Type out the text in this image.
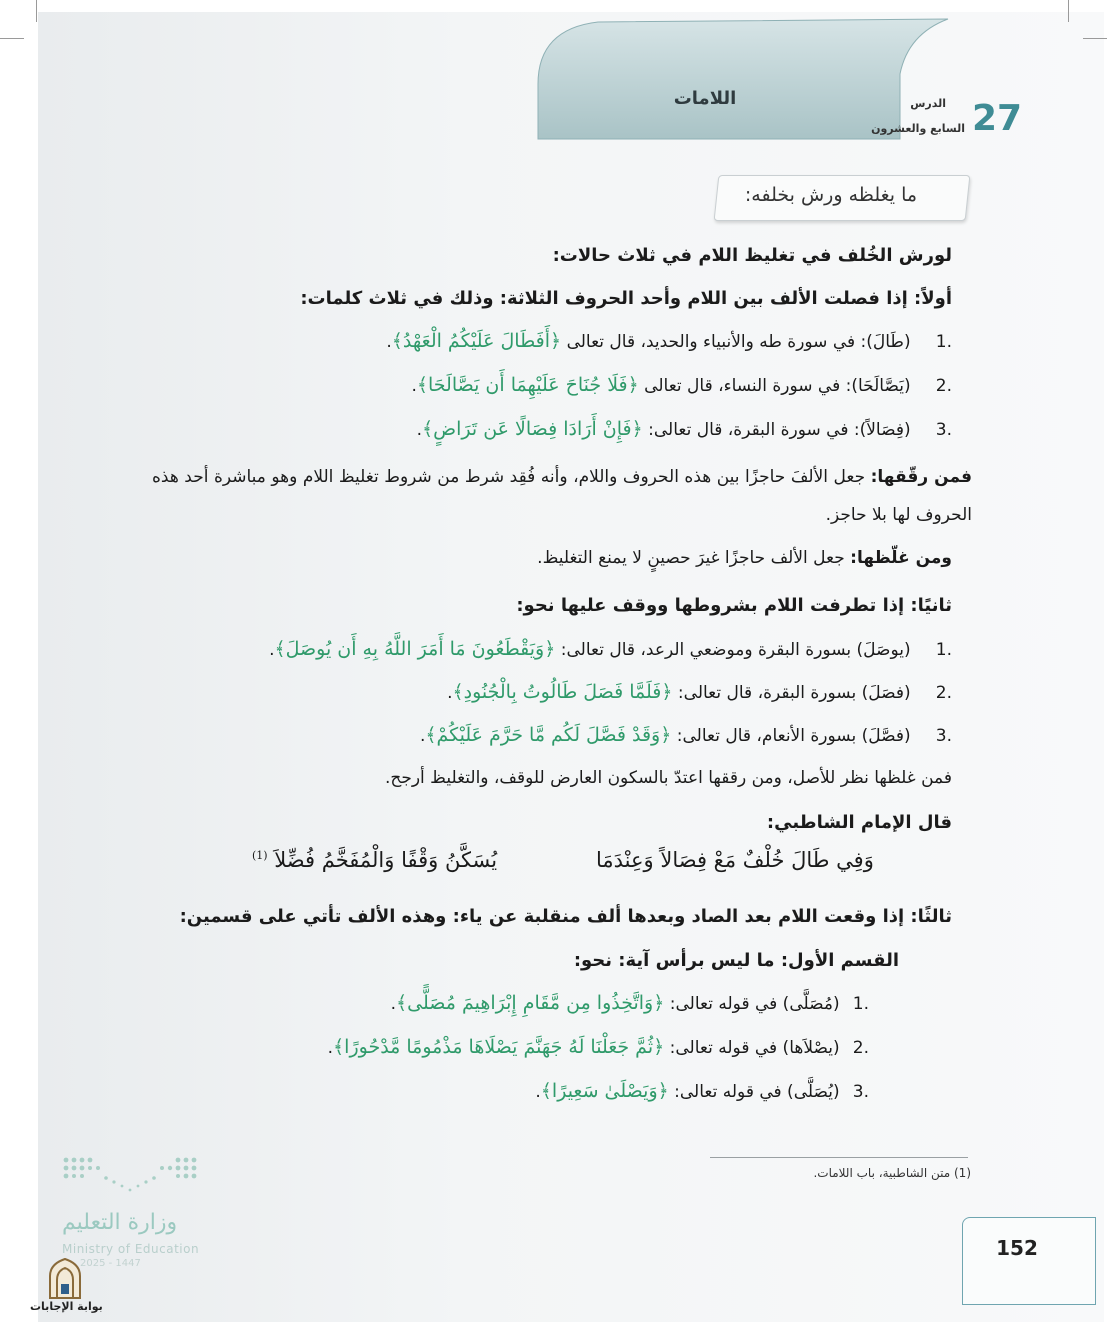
اللامات	27
الدرس
السابع والعشرون
ما يغلظه ورش بخلفه:
لورش الخُلف في تغليظ اللام في ثلاث حالات:
أولاً: إذا فصلت الألف بين اللام وأحد الحروف الثلاثة: وذلك في ثلاث كلمات:
.1 (طَالَ): في سورة طه والأنبياء والحديد، قال تعالى ﴿أَفَطَالَ عَلَيْكُمُ الْعَهْدُ﴾.
.2 (يَصَّالَحَا): في سورة النساء، قال تعالى ﴿فَلَا جُنَاحَ عَلَيْهِمَا أَن يَصَّالَحَا﴾.
.3 (فِصَالاً): في سورة البقرة، قال تعالى: ﴿فَإِنْ أَرَادَا فِصَالًا عَن تَرَاضٍ﴾.
فمن رقّقها: جعل الألفَ حاجزًا بين هذه الحروف واللام، وأنه فُقِد شرط من شروط تغليظ اللام وهو مباشرة أحد هذه الحروف لها بلا حاجز.
ومن غلّظها: جعل الألف حاجزًا غيرَ حصينٍ لا يمنع التغليظ.
ثانيًا: إذا تطرفت اللام بشروطها ووقف عليها نحو:
.1 (يوصَلَ) بسورة البقرة وموضعي الرعد، قال تعالى: ﴿وَيَقْطَعُونَ مَا أَمَرَ اللَّهُ بِهِ أَن يُوصَلَ﴾.
.2 (فصَلَ) بسورة البقرة، قال تعالى: ﴿فَلَمَّا فَصَلَ طَالُوتُ بِالْجُنُودِ﴾.
.3 (فصَّلَ) بسورة الأنعام، قال تعالى: ﴿وَقَدْ فَصَّلَ لَكُم مَّا حَرَّمَ عَلَيْكُمْ﴾.
فمن غلظها نظر للأصل، ومن رققها اعتدّ بالسكون العارض للوقف، والتغليظ أرجح.
قال الإمام الشاطبي:
وَفِي طَالَ خُلْفٌ مَعْ فِصَالاً وَعِنْدَمَا
يُسَكَّنُ وَقْفًا وَالْمُفَخَّمُ فُضِّلاَ $^{(1)}$
ثالثًا: إذا وقعت اللام بعد الصاد وبعدها ألف منقلبة عن ياء: وهذه الألف تأتي على قسمين:
القسم الأول: ما ليس برأس آية: نحو:
.1 (مُصَلَّى) في قوله تعالى: ﴿وَاتَّخِذُوا مِن مَّقَامِ إِبْرَاهِيمَ مُصَلًّى﴾.
.2 (يصْلاَها) في قوله تعالى: ﴿ثُمَّ جَعَلْنَا لَهُ جَهَنَّمَ يَصْلَاهَا مَذْمُومًا مَّدْحُورًا﴾.
.3 (يُصَلَّى) في قوله تعالى: ﴿وَيَصْلَىٰ سَعِيرًا﴾.
(1) متن الشاطبية، باب اللامات.
وزارة التعليم
Ministry of Education
2025 - 1447
بوابة الإجابات
152
